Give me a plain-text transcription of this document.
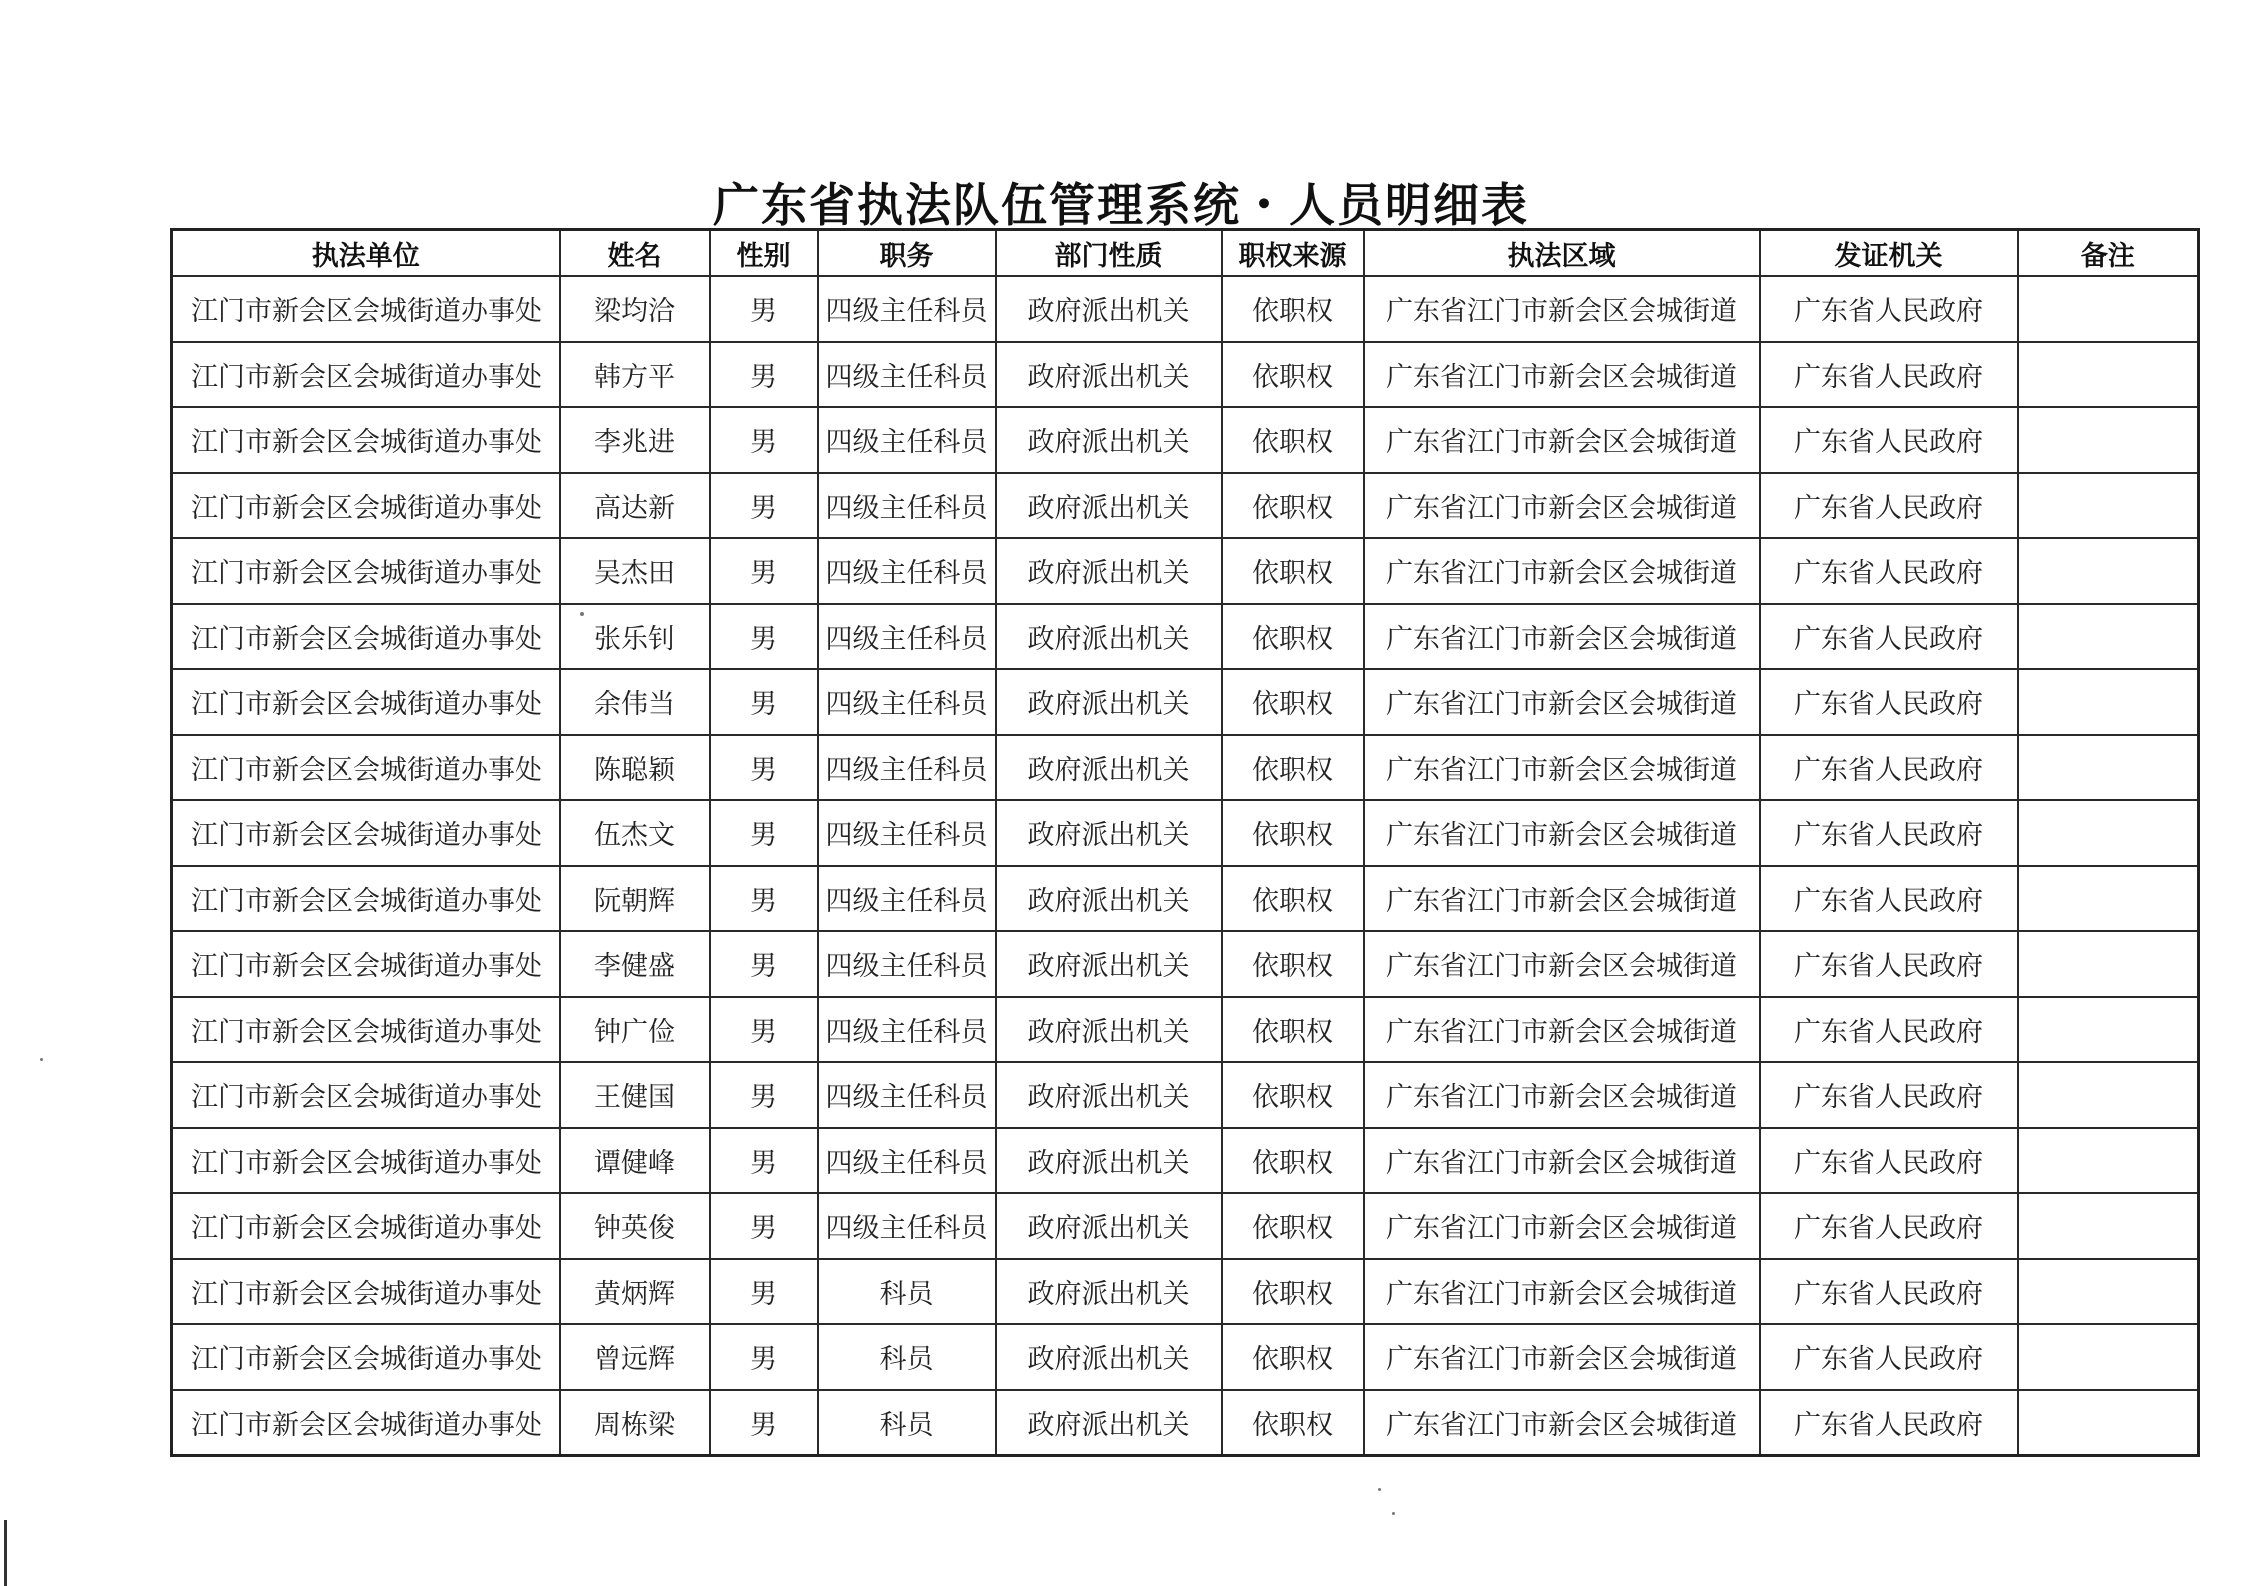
广东省执法队伍管理系统・人员明细表
执法单位	姓名	性别	职务	部门性质	职权来源	执法区域	发证机关	备注
江门市新会区会城街道办事处	梁均洽	男	四级主任科员	政府派出机关	依职权	广东省江门市新会区会城街道	广东省人民政府	
江门市新会区会城街道办事处	韩方平	男	四级主任科员	政府派出机关	依职权	广东省江门市新会区会城街道	广东省人民政府	
江门市新会区会城街道办事处	李兆进	男	四级主任科员	政府派出机关	依职权	广东省江门市新会区会城街道	广东省人民政府	
江门市新会区会城街道办事处	高达新	男	四级主任科员	政府派出机关	依职权	广东省江门市新会区会城街道	广东省人民政府	
江门市新会区会城街道办事处	吴杰田	男	四级主任科员	政府派出机关	依职权	广东省江门市新会区会城街道	广东省人民政府	
江门市新会区会城街道办事处	张乐钊	男	四级主任科员	政府派出机关	依职权	广东省江门市新会区会城街道	广东省人民政府	
江门市新会区会城街道办事处	余伟当	男	四级主任科员	政府派出机关	依职权	广东省江门市新会区会城街道	广东省人民政府	
江门市新会区会城街道办事处	陈聪颖	男	四级主任科员	政府派出机关	依职权	广东省江门市新会区会城街道	广东省人民政府	
江门市新会区会城街道办事处	伍杰文	男	四级主任科员	政府派出机关	依职权	广东省江门市新会区会城街道	广东省人民政府	
江门市新会区会城街道办事处	阮朝辉	男	四级主任科员	政府派出机关	依职权	广东省江门市新会区会城街道	广东省人民政府	
江门市新会区会城街道办事处	李健盛	男	四级主任科员	政府派出机关	依职权	广东省江门市新会区会城街道	广东省人民政府	
江门市新会区会城街道办事处	钟广俭	男	四级主任科员	政府派出机关	依职权	广东省江门市新会区会城街道	广东省人民政府	
江门市新会区会城街道办事处	王健国	男	四级主任科员	政府派出机关	依职权	广东省江门市新会区会城街道	广东省人民政府	
江门市新会区会城街道办事处	谭健峰	男	四级主任科员	政府派出机关	依职权	广东省江门市新会区会城街道	广东省人民政府	
江门市新会区会城街道办事处	钟英俊	男	四级主任科员	政府派出机关	依职权	广东省江门市新会区会城街道	广东省人民政府	
江门市新会区会城街道办事处	黄炳辉	男	科员	政府派出机关	依职权	广东省江门市新会区会城街道	广东省人民政府	
江门市新会区会城街道办事处	曾远辉	男	科员	政府派出机关	依职权	广东省江门市新会区会城街道	广东省人民政府	
江门市新会区会城街道办事处	周栋梁	男	科员	政府派出机关	依职权	广东省江门市新会区会城街道	广东省人民政府	
